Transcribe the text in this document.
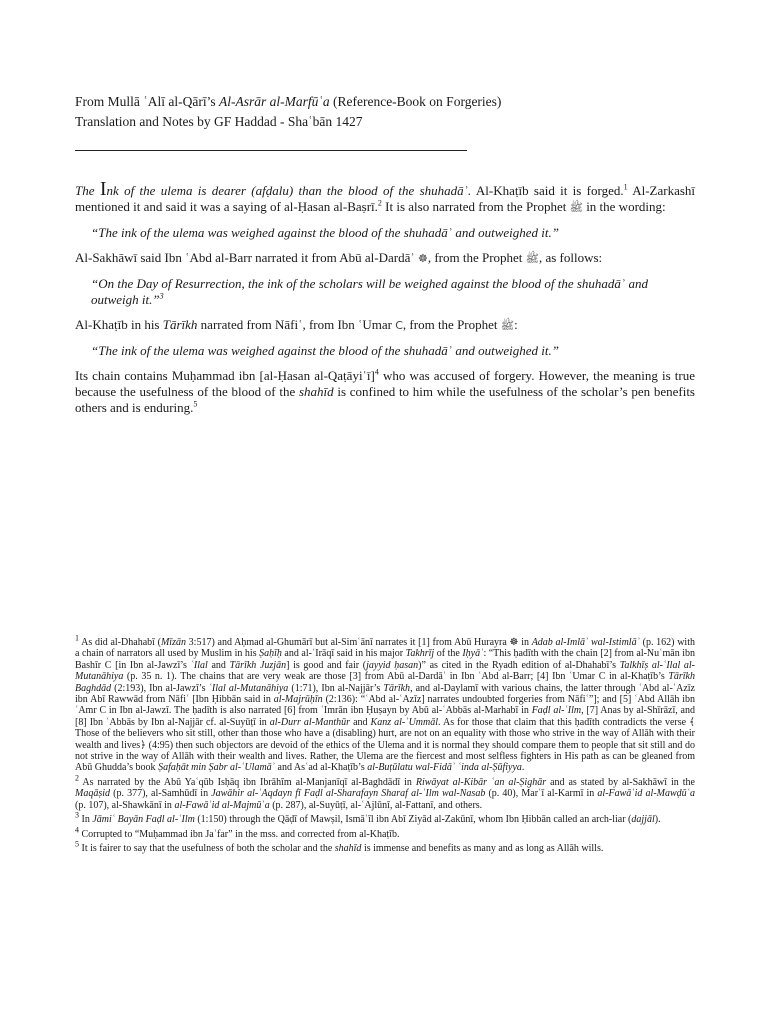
From Mullā ʿAlī al-Qārī’s Al-Asrār al-Marfūʿa (Reference-Book on Forgeries)

Translation and Notes by GF Haddad - Shaʿbān 1427

The Ink of the ulema is dearer (afḍalu) than the blood of the shuhadāʾ. Al-Khaṭīb said it is forged.$^1$ Al-Zarkashī mentioned it and said it was a saying of al-Ḥasan al-Baṣrī.$^2$ It is also narrated from the Prophet ﷺ in the wording:

“The ink of the ulema was weighed against the blood of the shuhadāʾ and outweighed it.”

Al-Sakhāwī said Ibn ʿAbd al-Barr narrated it from Abū al-Dardāʾ ☸, from the Prophet ﷺ, as follows:

“On the Day of Resurrection, the ink of the scholars will be weighed against the blood of the shuhadāʾ and outweigh it.”$^3$

Al-Khaṭīb in his Tārīkh narrated from Nāfiʿ, from Ibn ʿUmar C, from the Prophet ﷺ:

“The ink of the ulema was weighed against the blood of the shuhadāʾ and outweighed it.”

Its chain contains Muḥammad ibn [al-Ḥasan al-Qaṭāyiʿī]$^4$ who was accused of forgery. However, the meaning is true because the usefulness of the blood of the shahīd is confined to him while the usefulness of the scholar’s pen benefits others and is enduring.$^5$

$^1$ As did al-Dhahabī (Mīzān 3:517) and Aḥmad al-Ghumārī but al-Simʿānī narrates it [1] from Abū Hurayra ☸ in Adab al-Imlāʾ wal-Istimlāʾ (p. 162) with a chain of narrators all used by Muslim in his Ṣaḥīḥ and al-ʿIrāqī said in his major Takhrīj of the Iḥyāʾ: “This ḥadīth with the chain [2] from al-Nuʿmān ibn Bashīr C [in Ibn al-Jawzī’s ʿIlal and Tārīkh Juzjān] is good and fair (jayyid ḥasan)” as cited in the Ryadh edition of al-Dhahabī’s Talkhīṣ al-ʿIlal al-Mutanāhiya (p. 35 n. 1). The chains that are very weak are those [3] from Abū al-Dardāʾ in Ibn ʿAbd al-Barr; [4] Ibn ʿUmar C in al-Khaṭīb’s Tārīkh Baghdād (2:193), Ibn al-Jawzī’s ʿIlal al-Mutanāhiya (1:71), Ibn al-Najjār’s Tārīkh, and al-Daylamī with various chains, the latter through ʿAbd al-ʿAzīz ibn Abī Rawwād from Nāfiʿ [Ibn Ḥibbān said in al-Majrūḥīn (2:136): “ʿAbd al-ʿAzīz] narrates undoubted forgeries from Nāfiʿ”]; and [5] ʿAbd Allāh ibn ʿAmr C in Ibn al-Jawzī. The ḥadīth is also narrated [6] from ʿImrān ibn Ḥuṣayn by Abū al-ʿAbbās al-Marhabī in Faḍl al-ʿIlm, [7] Anas by al-Shīrāzī, and [8] Ibn ʿAbbās by Ibn al-Najjār cf. al-Suyūṭī in al-Durr al-Manthūr and Kanz al-ʿUmmāl. As for those that claim that this ḥadīth contradicts the verse ﴾Those of the believers who sit still, other than those who have a (disabling) hurt, are not on an equality with those who strive in the way of Allāh with their wealth and lives﴿ (4:95) then such objectors are devoid of the ethics of the Ulema and it is normal they should compare them to people that sit still and do not strive in the way of Allāh with their wealth and lives. Rather, the Ulema are the fiercest and most selfless fighters in His path as can be gleaned from Abū Ghudda’s book Ṣafaḥāt min Ṣabr al-ʿUlamāʾ and Asʿad al-Khaṭīb’s al-Buṭūlatu wal-Fidāʾ ʿinda al-Ṣūfiyya.

$^2$ As narrated by the Abū Yaʿqūb Isḥāq ibn Ibrāhīm al-Manjanīqī al-Baghdādī in Riwāyat al-Kibār ʿan al-Ṣighār and as stated by al-Sakhāwī in the Maqāṣid (p. 377), al-Samhūdī in Jawāhir al-ʿAqdayn fī Faḍl al-Sharafayn Sharaf al-ʿIlm wal-Nasab (p. 40), Marʿī al-Karmī in al-Fawāʾid al-Mawḍūʿa (p. 107), al-Shawkānī in al-Fawāʾid al-Majmūʿa (p. 287), al-Suyūṭī, al-ʿAjlūnī, al-Fattanī, and others.

$^3$ In Jāmiʿ Bayān Faḍl al-ʿIlm (1:150) through the Qāḍī of Mawṣil, Ismāʿīl ibn Abī Ziyād al-Zakūnī, whom Ibn Ḥibbān called an arch-liar (dajjāl).

$^4$ Corrupted to “Muḥammad ibn Jaʿfar” in the mss. and corrected from al-Khaṭīb.

$^5$ It is fairer to say that the usefulness of both the scholar and the shahīd is immense and benefits as many and as long as Allāh wills.
